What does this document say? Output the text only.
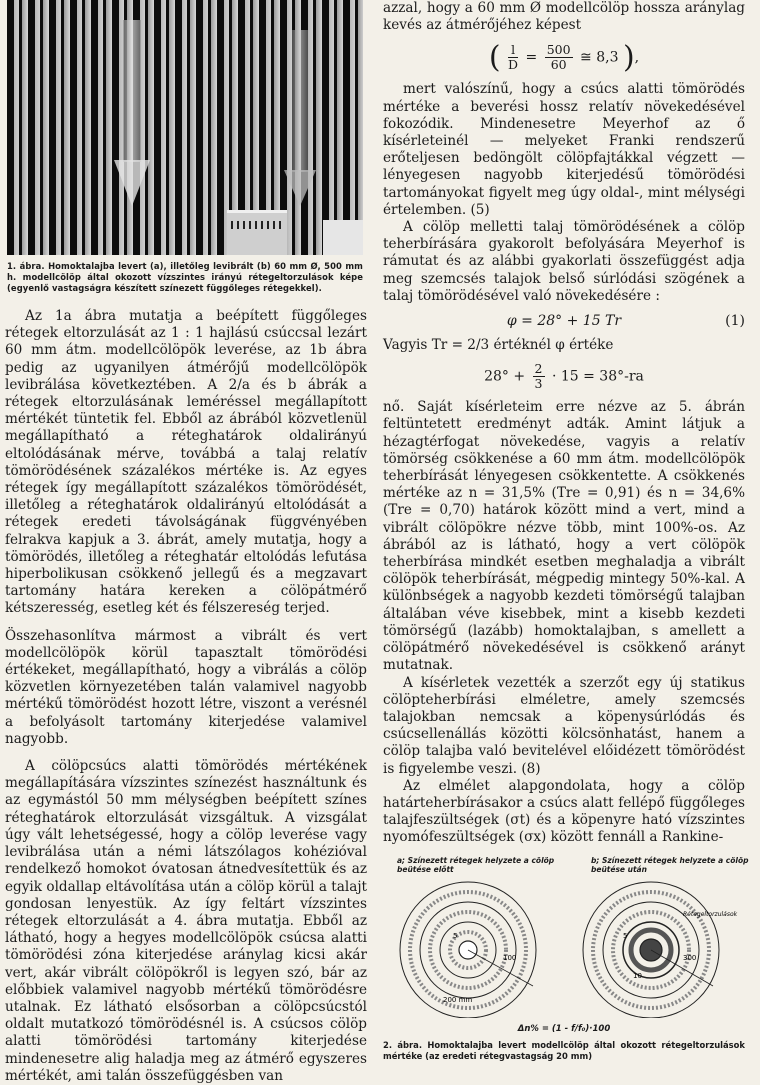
1. ábra. Homoktalajba levert (a), illetőleg levibrált (b) 60 mm Ø, 500 mm h. modellcölöp által okozott vízszintes irányú rétegeltorzulások képe (egyenlő vastagságra készített színezett függőleges rétegekkel).

Az 1a ábra mutatja a beépített függőleges rétegek eltorzulását az 1 : 1 hajlású csúccsal lezárt 60 mm átm. modellcölöpök leverése, az 1b ábra pedig az ugyanilyen átmérőjű modellcölöpök levibrálása következtében. A 2/a és b ábrák a rétegek eltorzulásának leméréssel megállapított mértékét tüntetik fel. Ebből az ábrából közvetlenül megállapítható a réteghatárok oldalirányú eltolódásának mérve, továbbá a talaj relatív tömörödésének százalékos mértéke is. Az egyes rétegek így megállapított százalékos tömörödését, illetőleg a réteghatárok oldalirányú eltolódását a rétegek eredeti távolságának függvényében felrakva kapjuk a 3. ábrát, amely mutatja, hogy a tömörödés, illetőleg a réteghatár eltolódás lefutása hiperbolikusan csökkenő jellegű és a megzavart tartomány határa kereken a cölöpátmérő kétszeresség, esetleg két és félszereség terjed.

Összehasonlítva mármost a vibrált és vert modellcölöpök körül tapasztalt tömörödési értékeket, megállapítható, hogy a vibrálás a cölöp közvetlen környezetében talán valamivel nagyobb mértékű tömörödést hozott létre, viszont a verésnél a befolyásolt tartomány kiterjedése valamivel nagyobb.

A cölöpcsúcs alatti tömörödés mértékének megállapítására vízszintes színezést használtunk és az egymástól 50 mm mélységben beépített színes réteghatárok eltorzulását vizsgáltuk. A vizsgálat úgy vált lehetségessé, hogy a cölöp leverése vagy levibrálása után a némi látszólagos kohézióval rendelkező homokot óvatosan átnedvesítettük és az egyik oldallap eltávolítása után a cölöp körül a talajt gondosan lenyestük. Az így feltárt vízszintes rétegek eltorzulását a 4. ábra mutatja. Ebből az látható, hogy a hegyes modellcölöpök csúcsa alatti tömörödési zóna kiterjedése aránylag kicsi akár vert, akár vibrált cölöpökről is legyen szó, bár az előbbiek valamivel nagyobb mértékű tömörödésre utalnak. Ez látható elsősorban a cölöpcsúcstól oldalt mutatkozó tömörödésnél is. A csúcsos cölöp alatti tömörödési tartomány kiterjedése mindenesetre alig haladja meg az átmérő egyszeres mértékét, ami talán összefüggésben van

azzal, hogy a 60 mm Ø modellcölöp hossza aránylag kevés az átmérőjéhez képest

( $\frac{l}{D} = \frac{500}{60}$ ≅ 8,3 ),

mert valószínű, hogy a csúcs alatti tömörödés mértéke a beverési hossz relatív növekedésével fokozódik. Mindenesetre Meyerhof az ő kísérleteinél — melyeket Franki rendszerű erőteljesen bedöngölt cölöpfajtákkal végzett — lényegesen nagyobb kiterjedésű tömörödési tartományokat figyelt meg úgy oldal-, mint mélységi értelemben. (5)

A cölöp melletti talaj tömörödésének a cölöp teherbírására gyakorolt befolyására Meyerhof is rámutat és az alábbi gyakorlati összefüggést adja meg szemcsés talajok belső súrlódási szögének a talaj tömörödésével való növekedésére :

φ = 28° + 15 Tr	(1)

Vagyis Tr = 2/3 értéknél φ értéke

$28^\circ + \frac{2}{3} \cdot 15 = 38^\circ-ra$

nő. Saját kísérleteim erre nézve az 5. ábrán feltüntetett eredményt adták. Amint látjuk a hézagtérfogat növekedése, vagyis a relatív tömörség csökkenése a 60 mm átm. modellcölöpök teherbírását lényegesen csökkentette. A csökkenés mértéke az n = 31,5% (Tre = 0,91) és n = 34,6% (Tre = 0,70) határok között mind a vert, mind a vibrált cölöpökre nézve több, mint 100%-os. Az ábrából az is látható, hogy a vert cölöpök teherbírása mindkét esetben meghaladja a vibrált cölöpök teherbírását, mégpedig mintegy 50%-kal. A különbségek a nagyobb kezdeti tömörségű talajban általában véve kisebbek, mint a kisebb kezdeti tömörségű (lazább) homoktalajban, s amellett a cölöpátmérő növekedésével is csökkenő arányt mutatnak.

A kísérletek vezették a szerzőt egy új statikus cölöpteherbírási elméletre, amely szemcsés talajokban nemcsak a köpenysúrlódás és csúcsellenállás közötti kölcsönhatást, hanem a cölöp talajba való bevitelével előidézett tömörödést is figyelembe veszi. (8)

Az elmélet alapgondolata, hogy a cölöp határteherbírásakor a csúcs alatt fellépő függőleges talajfeszültségek (σt) és a köpenyre ható vízszintes nyomófeszültségek (σx) között fennáll a Rankine-

a; Színezett rétegek helyzete a cölöp beütése előtt
b; Színezett rétegek helyzete a cölöp beütése után
100
200 mm
Rétegeltorzulások
300
5
5
10
Δn% = (1 - f/f₀)·100
2. ábra. Homoktalajba levert modellcölöp által okozott rétegeltorzulások mértéke (az eredeti rétegvastagság 20 mm)
